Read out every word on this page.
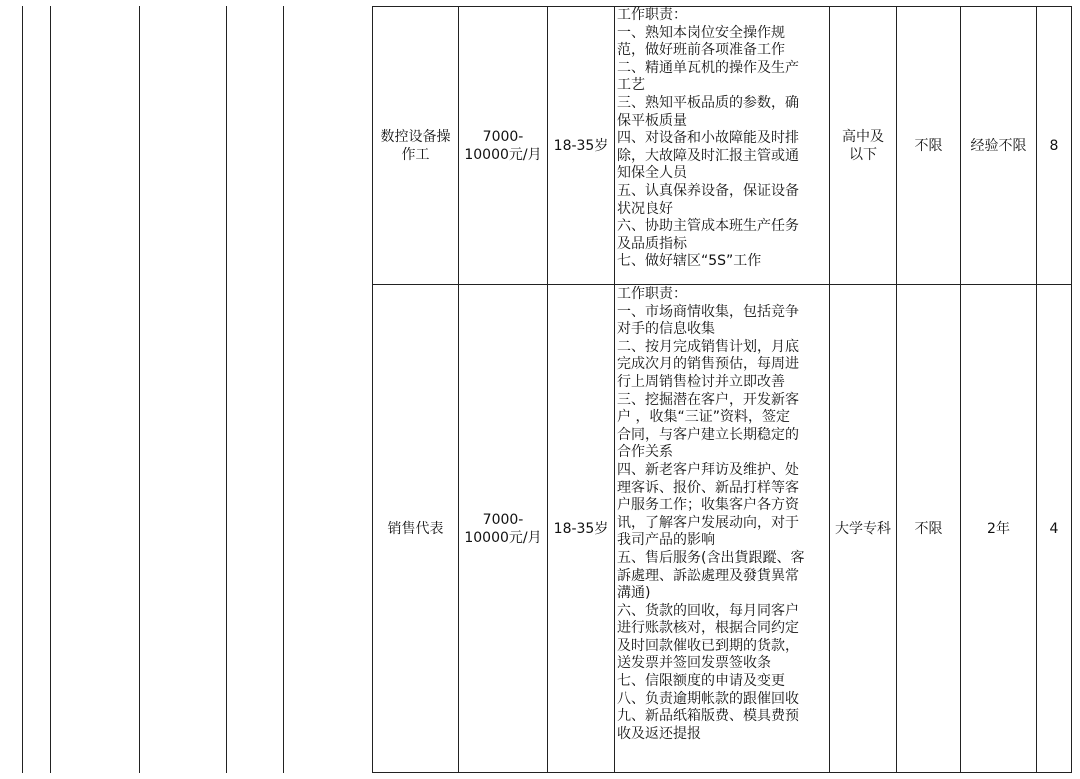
数控设备操作工
7000-10000元/月
18-35岁
工作职责：
一、熟知本岗位安全操作规
范，做好班前各项准备工作
二、精通单瓦机的操作及生产
工艺
三、熟知平板品质的参数，确
保平板质量
四、对设备和小故障能及时排
除，大故障及时汇报主管或通
知保全人员
五、认真保养设备，保证设备
状况良好
六、协助主管成本班生产任务
及品质指标
七、做好辖区“5S”工作
高中及以下
不限 经验不限 8
销售代表
7000-10000元/月
18-35岁
工作职责：
一、市场商情收集，包括竞争
对手的信息收集
二、按月完成销售计划，月底
完成次月的销售预估，每周进
行上周销售检讨并立即改善
三、挖掘潜在客户，开发新客
户 ，收集“三证”资料，签定
合同，与客户建立长期稳定的
合作关系
四、新老客户拜访及维护、处
理客诉、报价、新品打样等客
户服务工作；收集客户各方资
讯，了解客户发展动向，对于
我司产品的影响
五、售后服务(含出貨跟蹤、客
訴處理、訴訟處理及發貨異常
溝通)
六、货款的回收，每月同客户
进行账款核对，根据合同约定
及时回款催收已到期的货款，
送发票并签回发票签收条
七、信限额度的申请及变更
八、负责逾期帐款的跟催回收
九、新品纸箱版费、模具费预
收及返还提报
大学专科 不限	2年	4
